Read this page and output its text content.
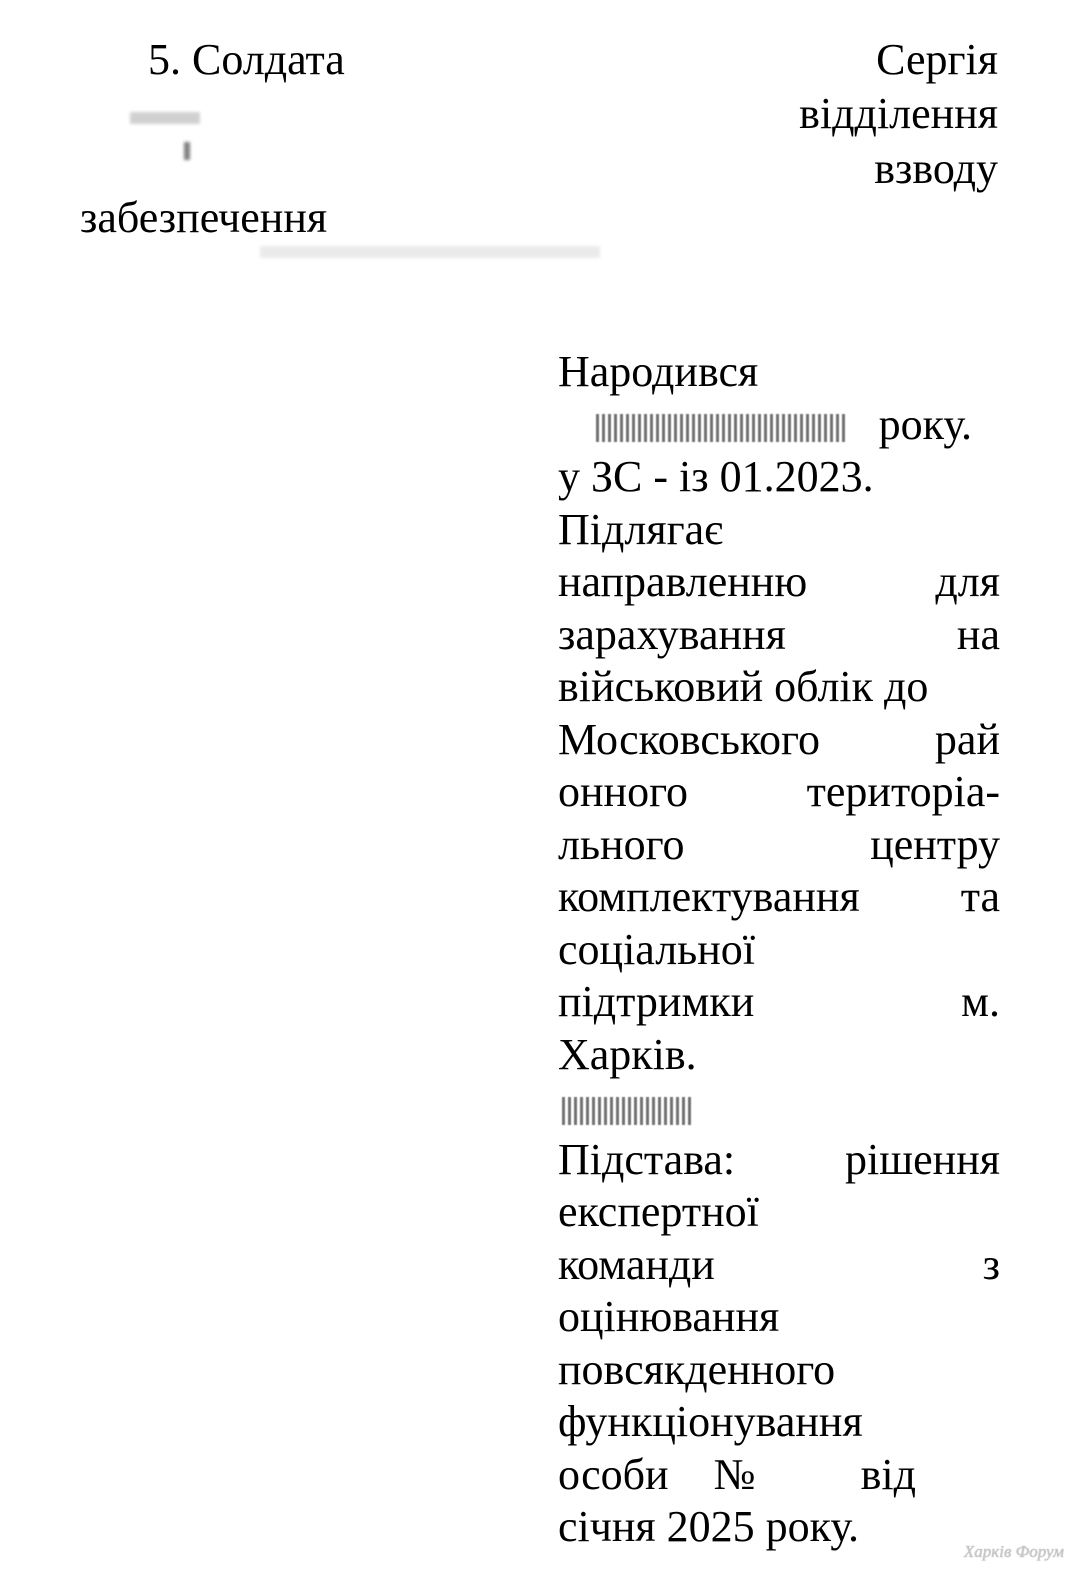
5. Солдата	Сергія

відділення

взводу

забезпечення

Народився
року.
у ЗС - із 01.2023.
Підлягає
направленню	для
зарахування	на
військовий облік до
Московського	рай
онного	територіа-
льного	центру
комплектування та
соціальної
підтримки	м.
Харків.
Підстава: рішення
експертної
команди	з
оцінювання
повсякденного
функціонування
особи № від
січня 2025 року.
Харків Форум
